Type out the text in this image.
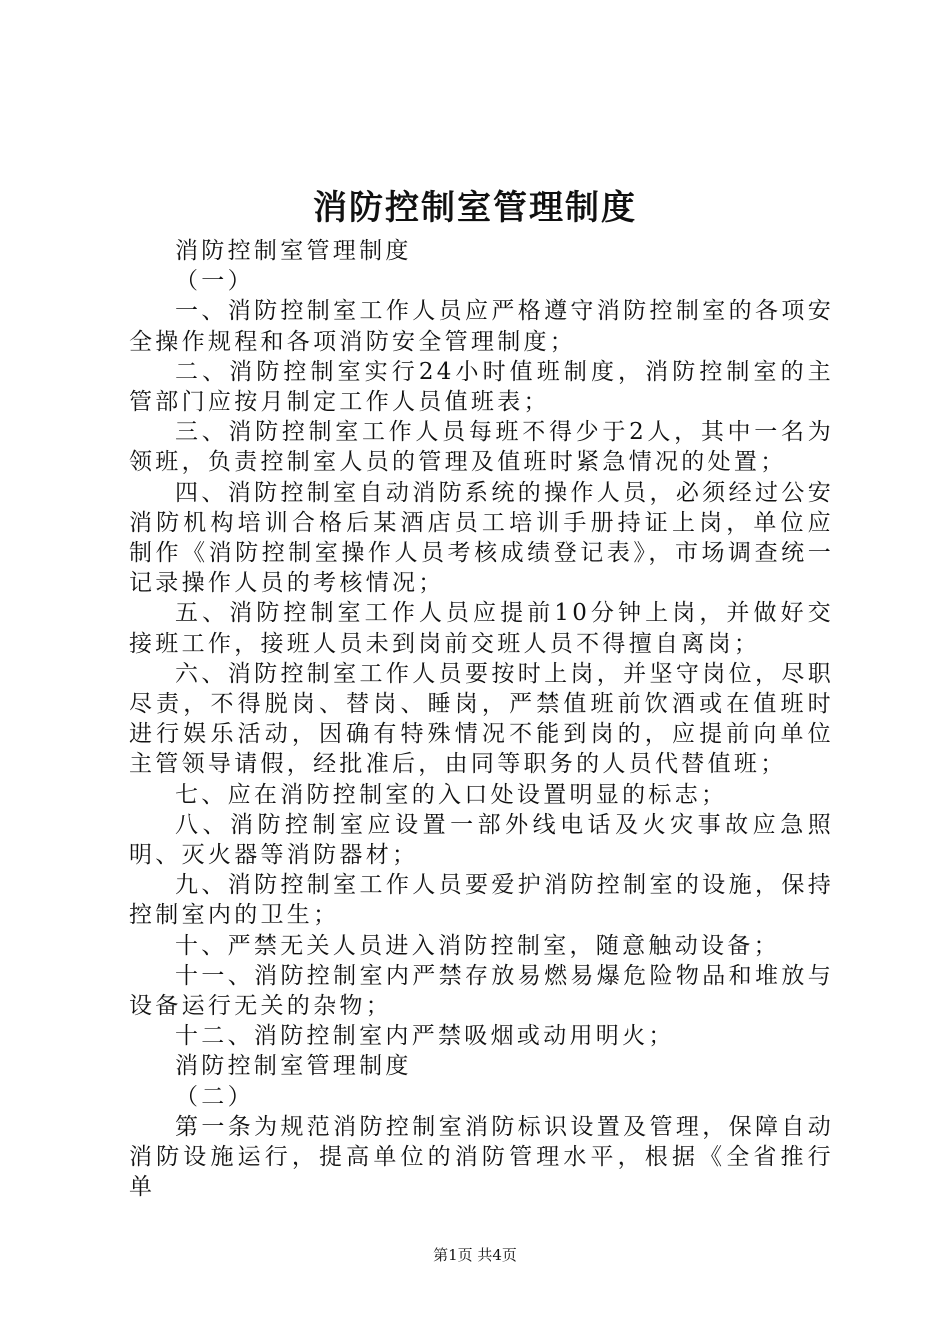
消防控制室管理制度

消防控制室管理制度

（一）

一、消防控制室工作人员应严格遵守消防控制室的各项安全操作规程和各项消防安全管理制度；

二、消防控制室实行24小时值班制度，消防控制室的主管部门应按月制定工作人员值班表；

三、消防控制室工作人员每班不得少于2人，其中一名为领班，负责控制室人员的管理及值班时紧急情况的处置；

四、消防控制室自动消防系统的操作人员，必须经过公安消防机构培训合格后某酒店员工培训手册持证上岗，单位应制作《消防控制室操作人员考核成绩登记表》，市场调查统一记录操作人员的考核情况；

五、消防控制室工作人员应提前10分钟上岗，并做好交接班工作，接班人员未到岗前交班人员不得擅自离岗；

六、消防控制室工作人员要按时上岗，并坚守岗位，尽职尽责，不得脱岗、替岗、睡岗，严禁值班前饮酒或在值班时进行娱乐活动，因确有特殊情况不能到岗的，应提前向单位主管领导请假，经批准后，由同等职务的人员代替值班；

七、应在消防控制室的入口处设置明显的标志；

八、消防控制室应设置一部外线电话及火灾事故应急照明、灭火器等消防器材；

九、消防控制室工作人员要爱护消防控制室的设施，保持控制室内的卫生；

十、严禁无关人员进入消防控制室，随意触动设备；

十一、消防控制室内严禁存放易燃易爆危险物品和堆放与设备运行无关的杂物；

十二、消防控制室内严禁吸烟或动用明火；

消防控制室管理制度

（二）

第一条为规范消防控制室消防标识设置及管理，保障自动消防设施运行，提高单位的消防管理水平，根据《全省推行单

第1页 共4页
